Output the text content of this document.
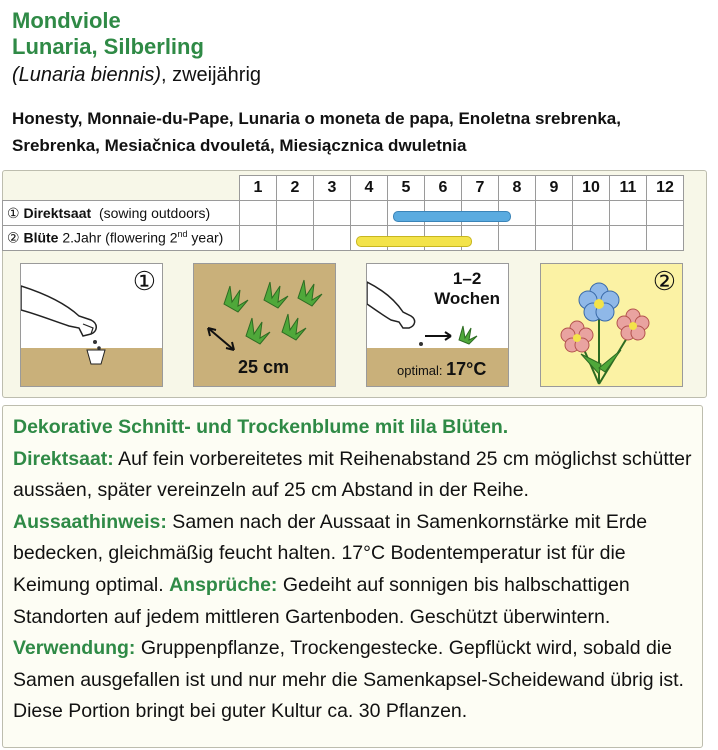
Mondviole
Lunaria, Silberling
(Lunaria biennis), zweijährig
Honesty, Monnaie-du-Pape, Lunaria o moneta de papa, Enoletna srebrenka,
Srebrenka, Mesiačnica dvouletá, Miesiącznica dwuletnia
	1	2	3	4	5	6	7	8	9	10	11	12
① Direktsaat (sowing outdoors)												
② Blüte 2.Jahr (flowering 2nd year)												
①
25 cm
1–2
Wochen
optimal: 17°C
②

Dekorative Schnitt- und Trockenblume mit lila Blüten.

Direktsaat: Auf fein vorbereitetes mit Reihenabstand 25 cm möglichst schütter aussäen, später vereinzeln auf 25 cm Abstand in der Reihe.

Aussaathinweis: Samen nach der Aussaat in Samenkornstärke mit Erde bedecken, gleichmäßig feucht halten. 17°C Bodentemperatur ist für die Keimung optimal. Ansprüche: Gedeiht auf sonnigen bis halbschattigen Standorten auf jedem mittleren Gartenboden. Geschützt überwintern.

Verwendung: Gruppenpflanze, Trockengestecke. Gepflückt wird, sobald die Samen ausgefallen ist und nur mehr die Samenkapsel-Scheidewand übrig ist. Diese Portion bringt bei guter Kultur ca. 30 Pflanzen.
